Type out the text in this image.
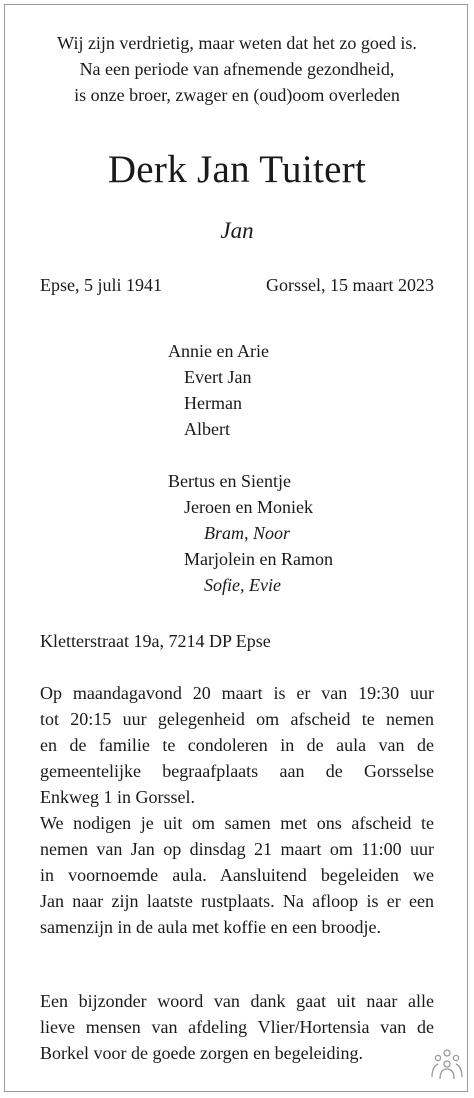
Wij zijn verdrietig, maar weten dat het zo goed is.
Na een periode van afnemende gezondheid,
is onze broer, zwager en (oud)oom overleden
Derk Jan Tuitert
Jan
Epse, 5 juli 1941	Gorssel, 15 maart 2023
Annie en Arie
Evert Jan
Herman
Albert
Bertus en Sientje
Jeroen en Moniek
Bram, Noor
Marjolein en Ramon
Sofie, Evie
Kletterstraat 19a, 7214 DP Epse
Op maandagavond 20 maart is er van 19:30 uur
tot 20:15 uur gelegenheid om afscheid te nemen
en de familie te condoleren in de aula van de
gemeentelijke begraafplaats aan de Gorsselse
Enkweg 1 in Gorssel.
We nodigen je uit om samen met ons afscheid te
nemen van Jan op dinsdag 21 maart om 11:00 uur
in voornoemde aula. Aansluitend begeleiden we
Jan naar zijn laatste rustplaats. Na afloop is er een
samenzijn in de aula met koffie en een broodje.
Een bijzonder woord van dank gaat uit naar alle
lieve mensen van afdeling Vlier/Hortensia van de
Borkel voor de goede zorgen en begeleiding.
